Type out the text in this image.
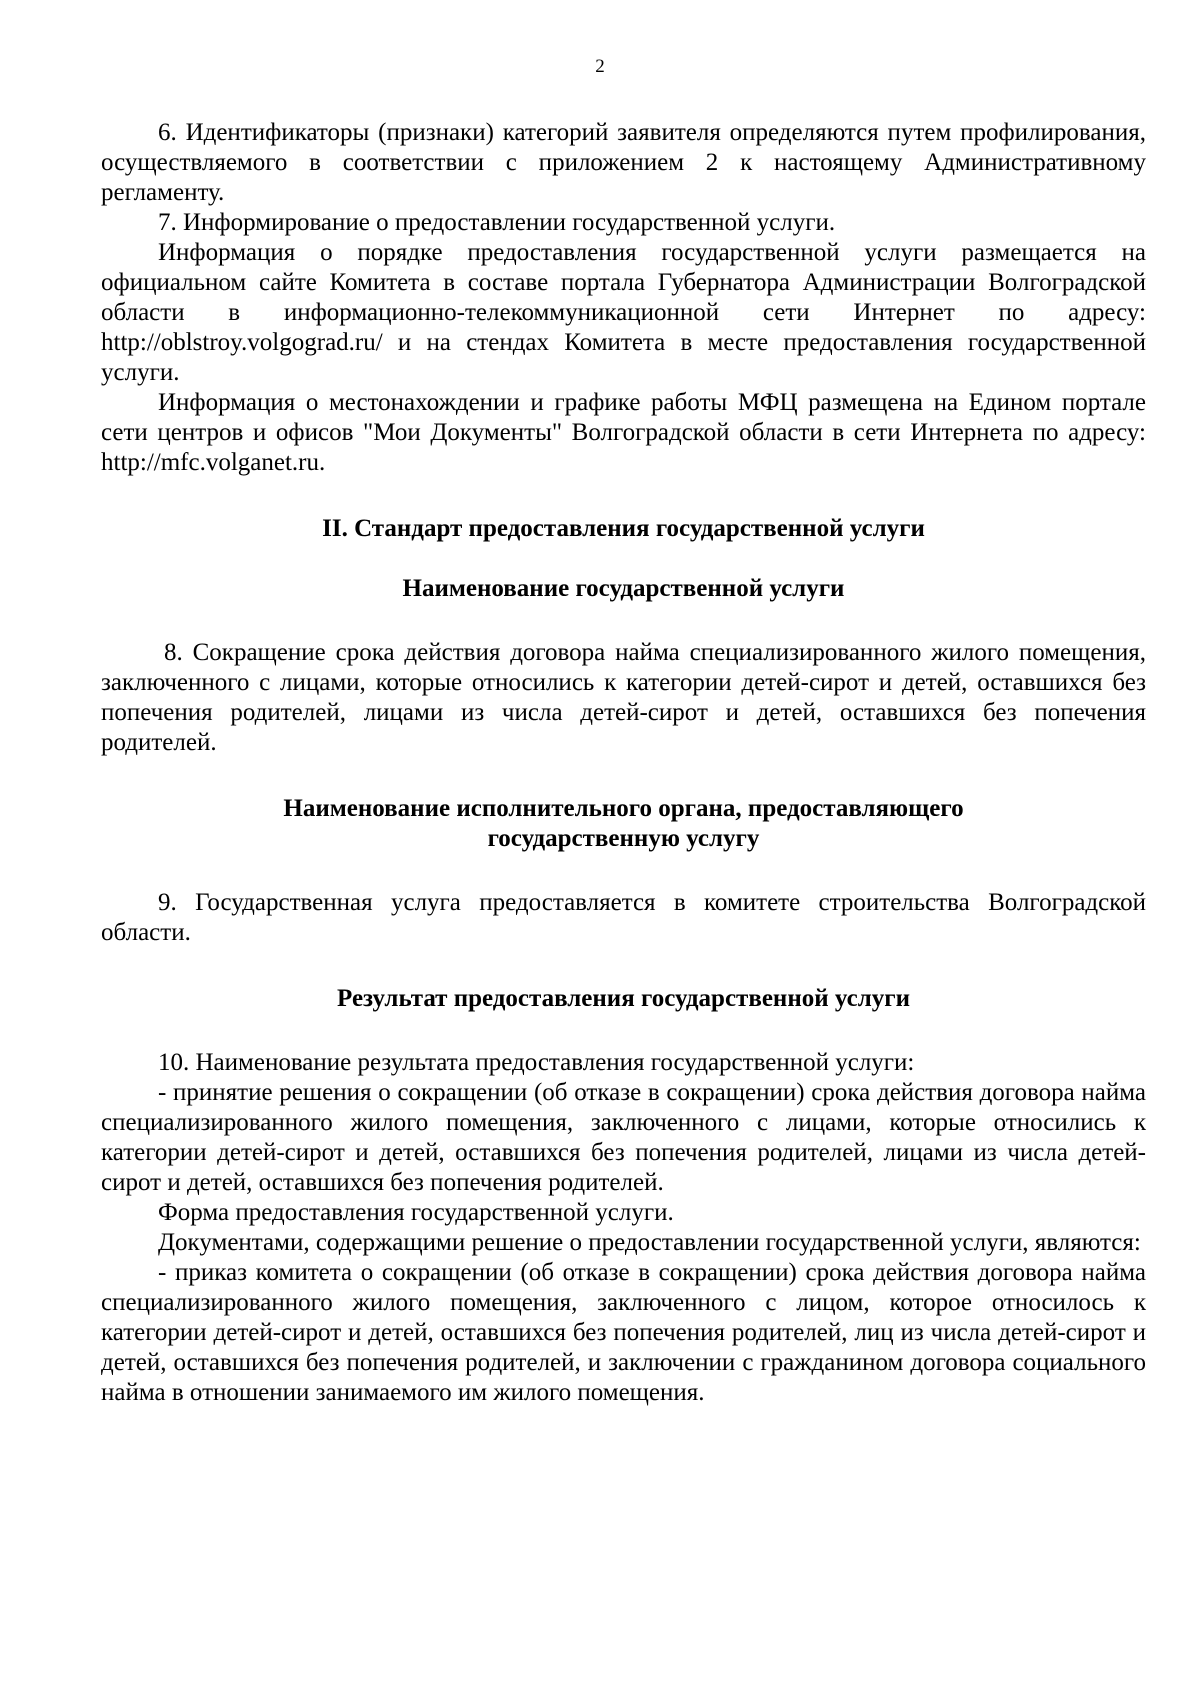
2

6. Идентификаторы (признаки) категорий заявителя определяются путем профилирования, осуществляемого в соответствии с приложением 2 к настоящему Административному регламенту.

7. Информирование о предоставлении государственной услуги.

Информация о порядке предоставления государственной услуги размещается на официальном сайте Комитета в составе портала Губернатора Администрации Волгоградской области в информационно-телекоммуникационной сети Интернет по адресу: http://oblstroy.volgograd.ru/ и на стендах Комитета в месте предоставления государственной услуги.

Информация о местонахождении и графике работы МФЦ размещена на Едином портале сети центров и офисов "Мои Документы" Волгоградской области в сети Интернета по адресу: http://mfc.volganet.ru.

II. Стандарт предоставления государственной услуги
Наименование государственной услуги

8. Сокращение срока действия договора найма специализированного жилого помещения, заключенного с лицами, которые относились к категории детей-сирот и детей, оставшихся без попечения родителей, лицами из числа детей-сирот и детей, оставшихся без попечения родителей.

Наименование исполнительного органа, предоставляющего
государственную услугу

9. Государственная услуга предоставляется в комитете строительства Волгоградской области.

Результат предоставления государственной услуги

10. Наименование результата предоставления государственной услуги:

- принятие решения о сокращении (об отказе в сокращении) срока действия договора найма специализированного жилого помещения, заключенного с лицами, которые относились к категории детей-сирот и детей, оставшихся без попечения родителей, лицами из числа детей-сирот и детей, оставшихся без попечения родителей.

Форма предоставления государственной услуги.

Документами, содержащими решение о предоставлении государственной услуги, являются:

- приказ комитета о сокращении (об отказе в сокращении) срока действия договора найма специализированного жилого помещения, заключенного с лицом, которое относилось к категории детей-сирот и детей, оставшихся без попечения родителей, лиц из числа детей-сирот и детей, оставшихся без попечения родителей, и заключении с гражданином договора социального найма в отношении занимаемого им жилого помещения.
